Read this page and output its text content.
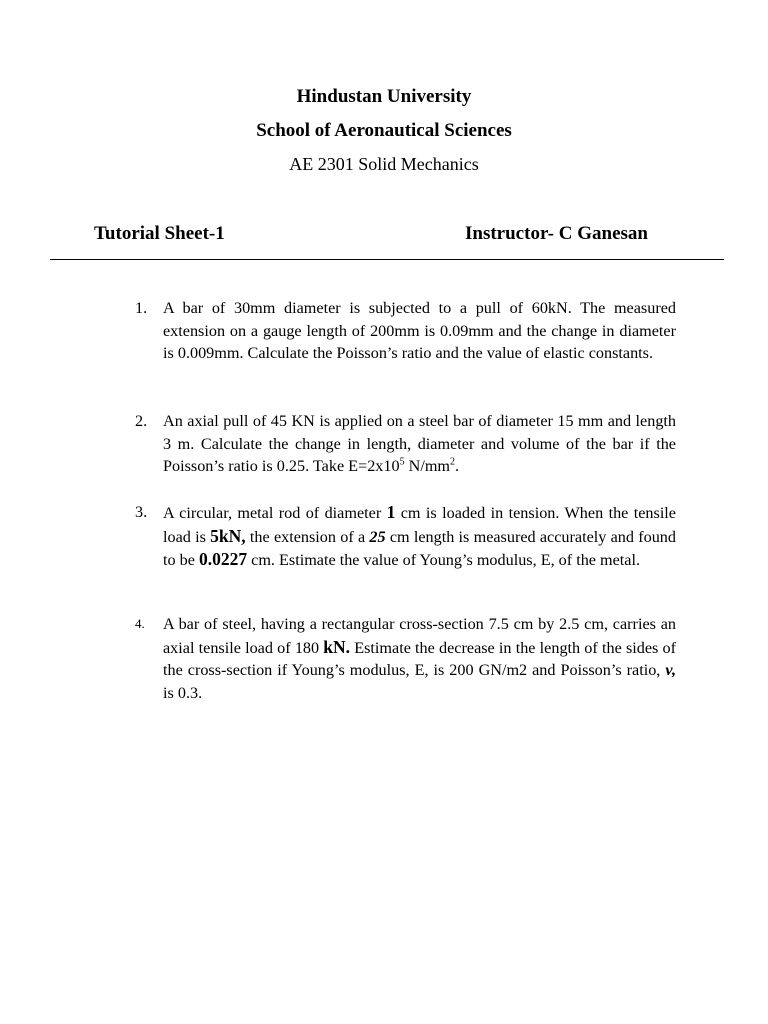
Hindustan University
School of Aeronautical Sciences
AE 2301 Solid Mechanics
Tutorial Sheet-1	Instructor- C Ganesan
1. A bar of 30mm diameter is subjected to a pull of 60kN. The measured extension on a gauge length of 200mm is 0.09mm and the change in diameter is 0.009mm. Calculate the Poisson’s ratio and the value of elastic constants.
2. An axial pull of 45 KN is applied on a steel bar of diameter 15 mm and length 3 m. Calculate the change in length, diameter and volume of the bar if the Poisson’s ratio is 0.25. Take $E=2x10^5$ $N/mm^2$.
3. A circular, metal rod of diameter 1 cm is loaded in tension. When the tensile load is 5kN, the extension of a 25 cm length is measured accurately and found to be 0.0227 cm. Estimate the value of Young’s modulus, E, of the metal.
4. A bar of steel, having a rectangular cross-section 7.5 cm by 2.5 cm, carries an axial tensile load of 180 kN. Estimate the decrease in the length of the sides of the cross-section if Young’s modulus, E, is 200 GN/m2 and Poisson’s ratio, v, is 0.3.
